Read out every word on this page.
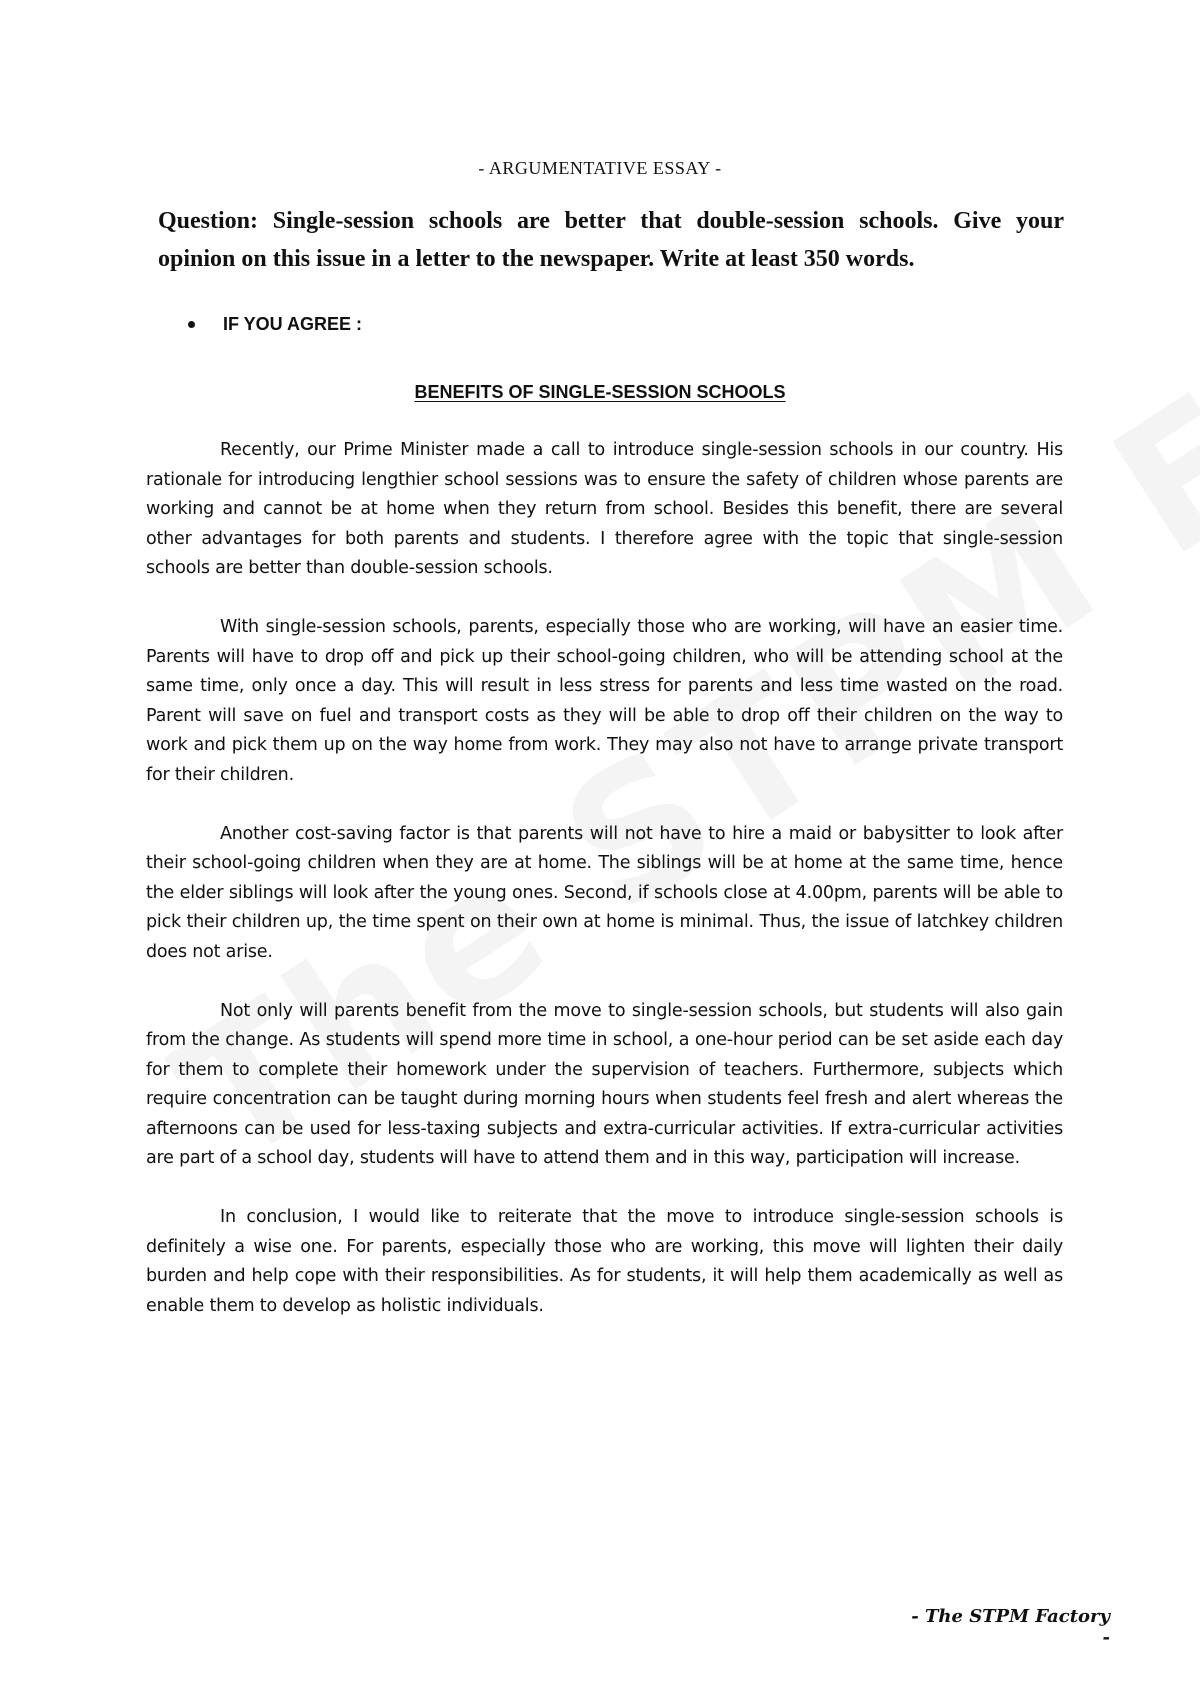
- ARGUMENTATIVE ESSAY -
Question: Single-session schools are better that double-session schools. Give your opinion on this issue in a letter to the newspaper. Write at least 350 words.
IF YOU AGREE :
BENEFITS OF SINGLE-SESSION SCHOOLS

Recently, our Prime Minister made a call to introduce single-session schools in our country. His rationale for introducing lengthier school sessions was to ensure the safety of children whose parents are working and cannot be at home when they return from school. Besides this benefit, there are several other advantages for both parents and students. I therefore agree with the topic that single-session schools are better than double-session schools.

With single-session schools, parents, especially those who are working, will have an easier time. Parents will have to drop off and pick up their school-going children, who will be attending school at the same time, only once a day. This will result in less stress for parents and less time wasted on the road. Parent will save on fuel and transport costs as they will be able to drop off their children on the way to work and pick them up on the way home from work. They may also not have to arrange private transport for their children.

Another cost-saving factor is that parents will not have to hire a maid or babysitter to look after their school-going children when they are at home. The siblings will be at home at the same time, hence the elder siblings will look after the young ones. Second, if schools close at 4.00pm, parents will be able to pick their children up, the time spent on their own at home is minimal. Thus, the issue of latchkey children does not arise.

Not only will parents benefit from the move to single-session schools, but students will also gain from the change. As students will spend more time in school, a one-hour period can be set aside each day for them to complete their homework under the supervision of teachers. Furthermore, subjects which require concentration can be taught during morning hours when students feel fresh and alert whereas the afternoons can be used for less-taxing subjects and extra-curricular activities. If extra-curricular activities are part of a school day, students will have to attend them and in this way, participation will increase.

In conclusion, I would like to reiterate that the move to introduce single-session schools is definitely a wise one. For parents, especially those who are working, this move will lighten their daily burden and help cope with their responsibilities. As for students, it will help them academically as well as enable them to develop as holistic individuals.

- The STPM Factory -
